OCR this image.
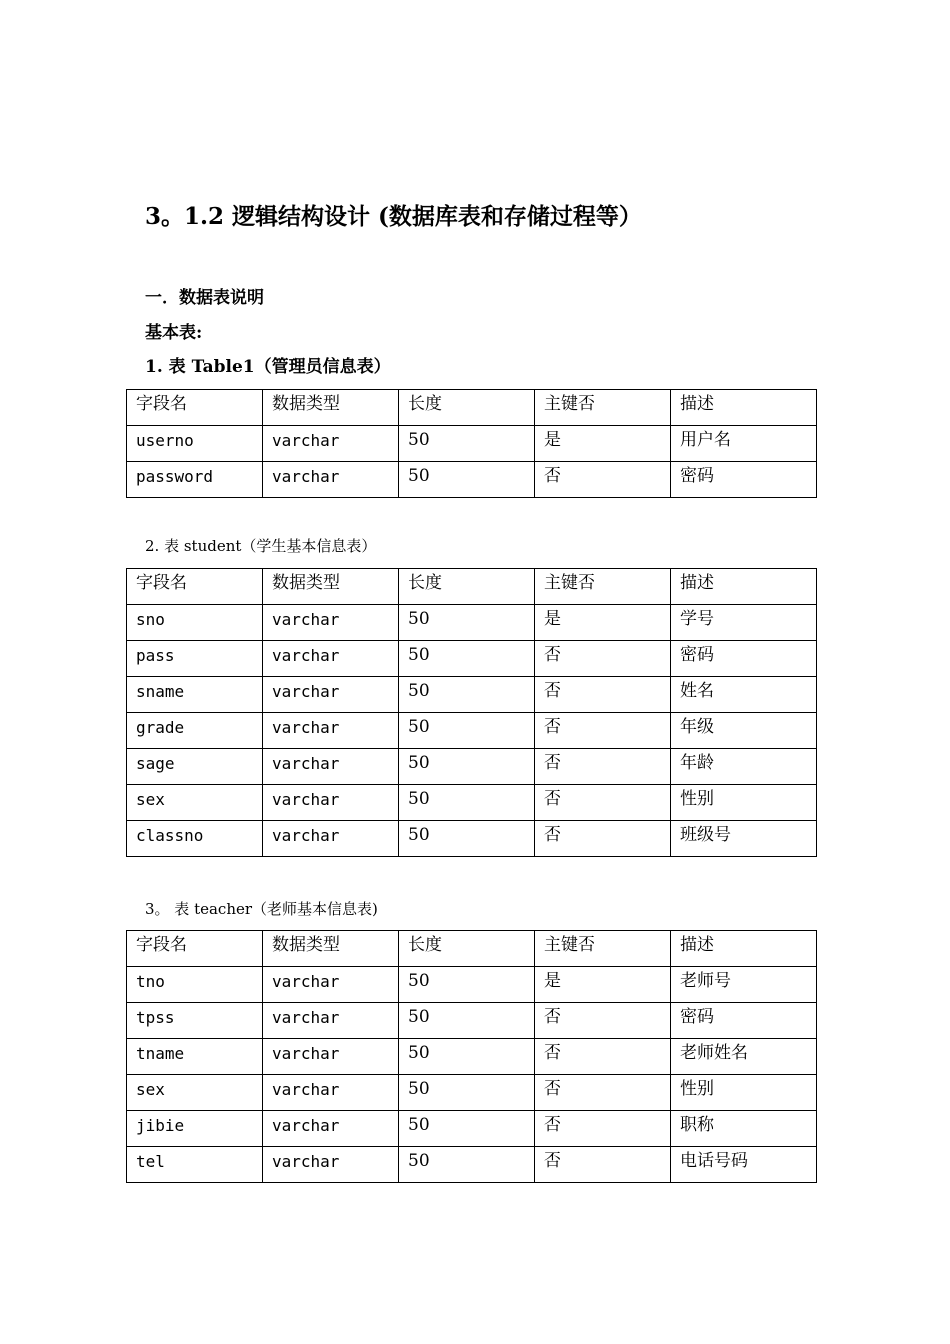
3。1.2 逻辑结构设计 (数据库表和存储过程等）

一．数据表说明

基本表:

1. 表 Table1（管理员信息表）

字段名	数据类型	长度	主键否	描述
userno	varchar	50	是	用户名
password	varchar	50	否	密码

2. 表 student（学生基本信息表）

字段名	数据类型	长度	主键否	描述
sno	varchar	50	是	学号
pass	varchar	50	否	密码
sname	varchar	50	否	姓名
grade	varchar	50	否	年级
sage	varchar	50	否	年龄
sex	varchar	50	否	性别
classno	varchar	50	否	班级号

3。 表 teacher（老师基本信息表)

字段名	数据类型	长度	主键否	描述
tno	varchar	50	是	老师号
tpss	varchar	50	否	密码
tname	varchar	50	否	老师姓名
sex	varchar	50	否	性别
jibie	varchar	50	否	职称
tel	varchar	50	否	电话号码
